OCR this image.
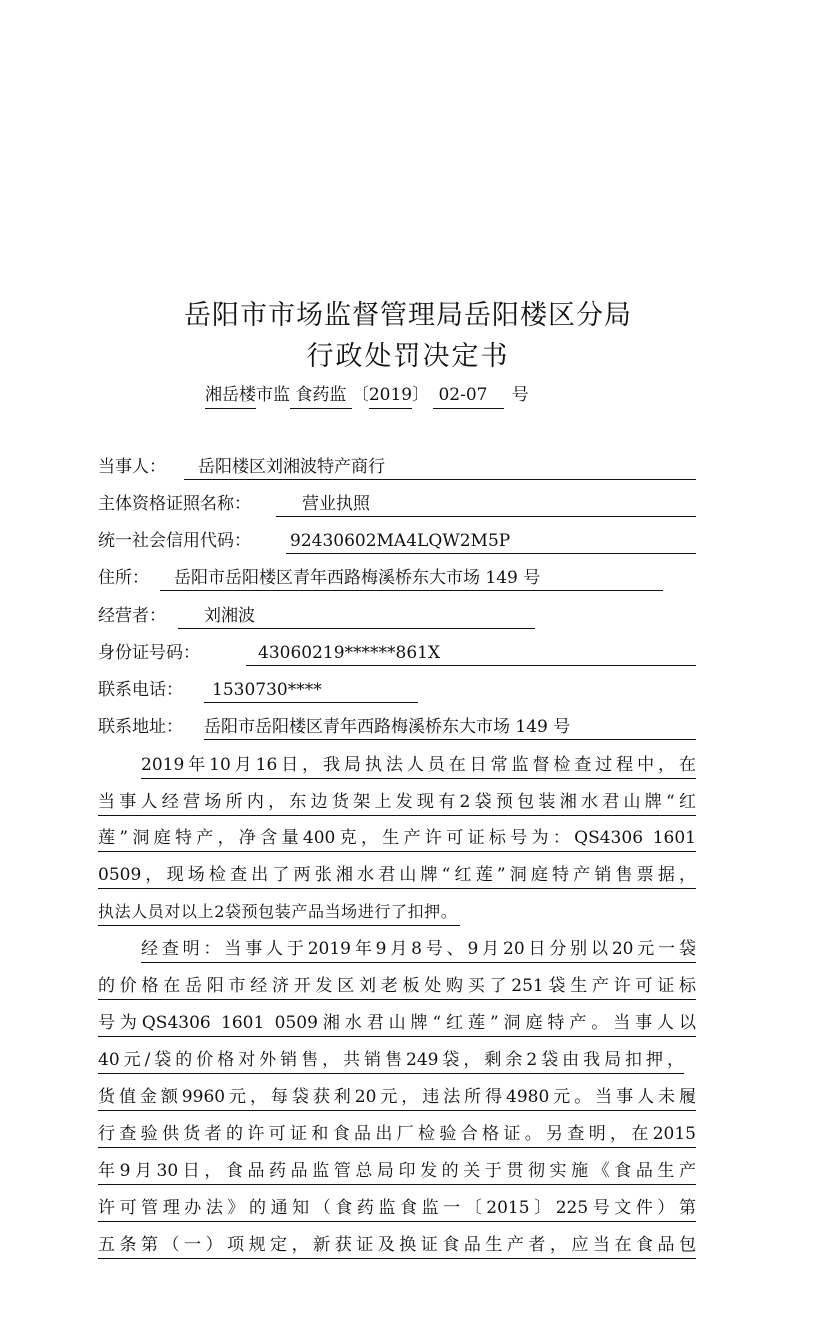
岳阳市市场监督管理局岳阳楼区分局
行政处罚决定书
湘岳楼市监 食药监 〔2019〕 02-07   号
当事人：	岳阳楼区刘湘波特产商行
主体资格证照名称：	营业执照
统一社会信用代码： 92430602MA4LQW2M5P
住所：	岳阳市岳阳楼区青年西路梅溪桥东大市场 149 号
经营者：	刘湘波
身份证号码：	43060219******861X
联系电话：	1530730****
联系地址： 岳阳市岳阳楼区青年西路梅溪桥东大市场 149 号
2019年10月16日，我局执法人员在日常监督检查过程中，在
当事人经营场所内，东边货架上发现有2袋预包装湘水君山牌“红
莲”洞庭特产，净含量400克，生产许可证标号为：QS4306 1601
0509，现场检查出了两张湘水君山牌“红莲”洞庭特产销售票据，
执法人员对以上2袋预包装产品当场进行了扣押。
经查明：当事人于2019年9月8号、9月20日分别以20元一袋
的价格在岳阳市经济开发区刘老板处购买了251袋生产许可证标
号为QS4306 1601 0509湘水君山牌“红莲”洞庭特产。当事人以
40元/袋的价格对外销售，共销售249袋，剩余2袋由我局扣押，
货值金额9960元，每袋获利20元，违法所得4980元。当事人未履
行查验供货者的许可证和食品出厂检验合格证。另查明，在2015
年9月30日，食品药品监管总局印发的关于贯彻实施《食品生产
许可管理办法》的通知（食药监食监一〔2015〕225号文件）第
五条第（一）项规定，新获证及换证食品生产者，应当在食品包
